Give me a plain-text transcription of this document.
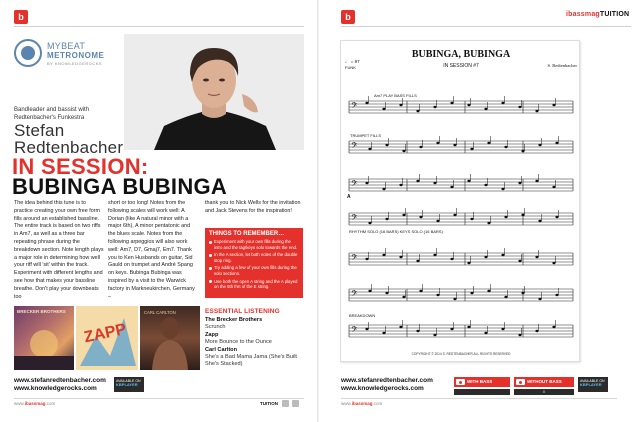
b
MYBEAT
METRONOME
BY KNOWLEDGEROCKS
Bandleader and bassist with Redtenbacher's Funkestra
Stefan
Redtenbacher
IN SESSION:
BUBINGA BUBINGA
The idea behind this tune is to practice creating your own free form fills around an established bassline. The entire track is based on two riffs in Am7, as well as a three bar repeating phrase during the breakdown section. Note length plays a major role in determining how well your riff will 'sit' within the track. Experiment with different lengths and see how that makes your bassline breathe. Don't play your downbeats too
short or too long! Notes from the following scales will work well: A Dorian (like A natural minor with a major 6th), A minor pentatonic and the blues scale. Notes from the following arpeggios will also work well: Am7, D7, Gmaj7, Em7. Thank you to Ken Husbands on guitar, Sid Gauld on trumpet and André Spang on keys. Bubinga Bubinga was inspired by a visit to the Warwick factory in Markneukirchen, Germany –
thank you to Nick Wells for the invitation and Jack Stevens for the inspiration!
THINGS TO REMEMBER…
Experiment with your own fills during the intro and the tag/keys solo towards the end.
In the A section, let both notes of the double stop ring.
Try adding a few of your own fills during the solo sections.
Use both the open A string and the A played on the 5th fret of the E string.
BRECKER BROTHERS
ZAPP
CARL CARLTON	ESSENTIAL LISTENING
The Brecker Brothers
Scrunch
Zapp
More Bounce to the Ounce
Carl Carlton
She's a Bad Mama Jama (She's Built She's Stacked)
www.stefanredtenbacher.com
www.knowledgerocks.com
AVAILABLE ON
KBPLAYER
www.ibassmag.com	TUITION
b	ibassmagTUITION
BUBINGA, BUBINGA
IN SESSION #7	S. Redtenbacher
♩ = 97
FUNK
𝄢
𝄢
𝄢
𝄢
𝄢
𝄢
𝄢
Am7 PLAY BASS FILLS
TRUMPET FILLS
A
RHYTHM SOLO (16 BARS) KEYS SOLO (16 BARS)
BREAKDOWN
COPYRIGHT © 2014 S. REDTENBACHER ALL RIGHTS RESERVED
www.stefanredtenbacher.com
www.knowledgerocks.com
WITH BASS	WITHOUT BASS
II
AVAILABLE ON
KBPLAYER
www.ibassmag.com
